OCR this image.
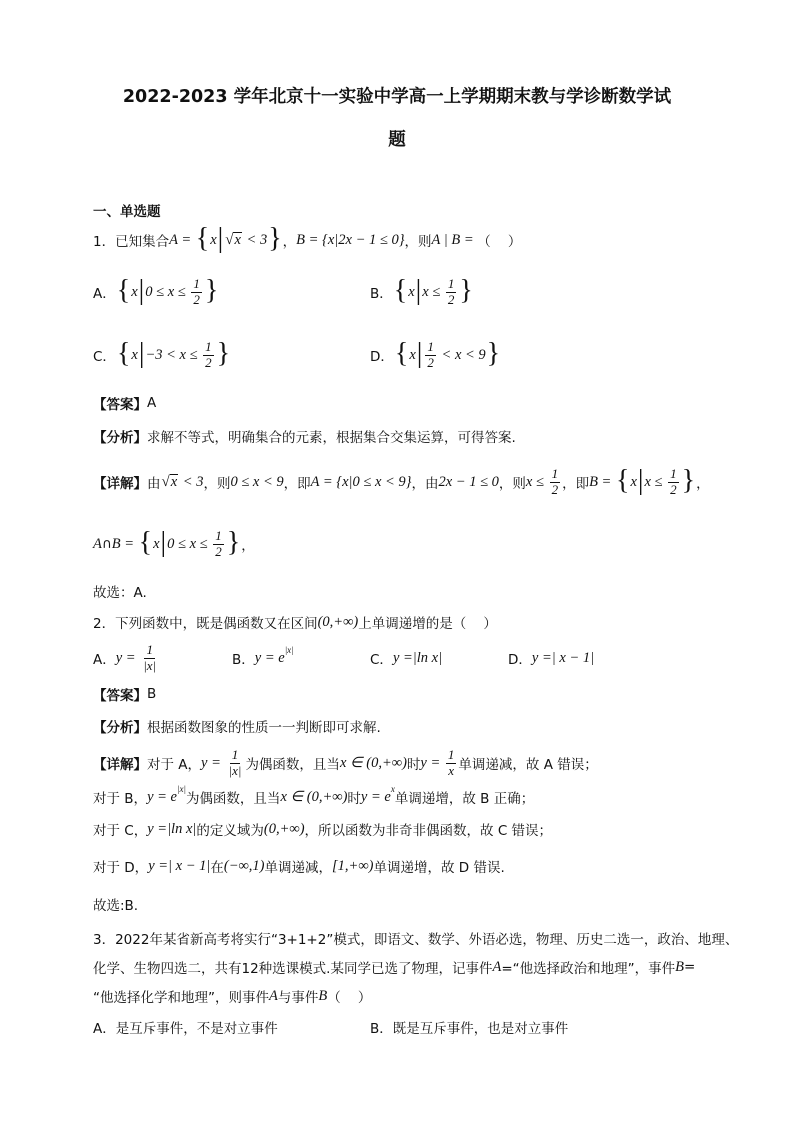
2022-2023 学年北京十一实验中学高一上学期期末教与学诊断数学试
题
一、单选题
1．已知集合 A = { x | √ x < 3 } ， B = {x|2x − 1 ≤ 0} ，则 A | B = （    ）
A． { x | $0 \le x \le \frac{1}{2}$ }	B． { x | $x \le \frac{1}{2}$ }
C． { x | $-3 < x \le \frac{1}{2}$ }	D． { x | $\frac{1}{2} < x < 9$ }
【答案】 A
【分析】 求解不等式，明确集合的元素，根据集合交集运算，可得答案.
【详解】 由 √ x < 3 ，则 0 ≤ x < 9 ，即 A = {x|0 ≤ x < 9} ，由 2x − 1 ≤ 0 ，则 $x \le \frac{1}{2}$ ，即 B = { x | $x \le \frac{1}{2}$ } ，
A ∩ B = { x | $0 \le x \le \frac{1}{2}$ } ，
故选：A.
2．下列函数中，既是偶函数又在区间 (0,+∞) 上单调递增的是（    ）
A． $y = \frac{1}{|x|}$	B． y = e |x|
C． y =|ln x|	D． y =| x − 1|
【答案】 B
【分析】 根据函数图象的性质一一判断即可求解.
【详解】 对于 A， $y = \frac{1}{|x|}$ 为偶函数，且当 x ∈ (0,+∞) 时 $y = \frac{1}{x}$ 单调递减，故 A 错误；
对于 B， y = e |x|
为偶函数，且当 x ∈ (0,+∞) 时 y = e x
单调递增，故 B 正确；
对于 C， y =|ln x| 的定义域为 (0,+∞) ，所以函数为非奇非偶函数，故 C 错误；
对于 D， y =| x − 1| 在 (−∞,1) 单调递减， [1,+∞) 单调递增，故 D 错误.
故选:B.
3．2022年某省新高考将实行“3+1+2”模式，即语文、数学、外语必选，物理、历史二选一，政治、地理、
化学、生物四选二，共有12种选课模式.某同学已选了物理，记事件 A =“他选择政治和地理”，事件 B =
“他选择化学和地理”，则事件 A 与事件 B （    ）
A．是互斥事件，不是对立事件	B．既是互斥事件，也是对立事件
